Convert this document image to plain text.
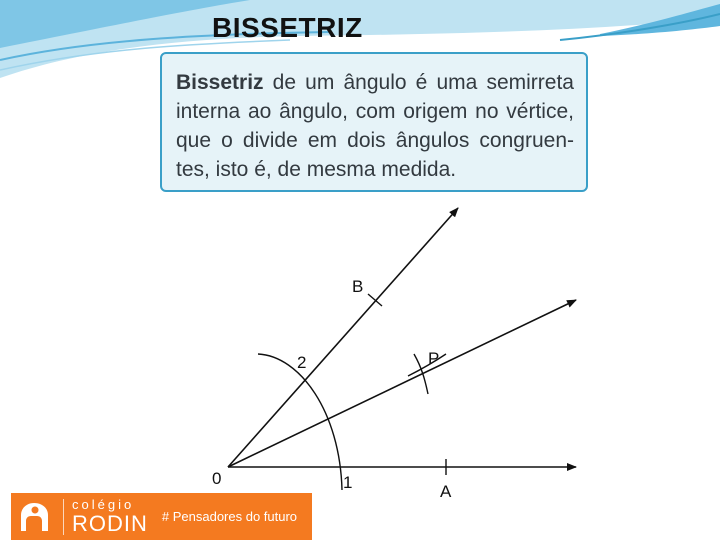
BISSETRIZ

Bissetriz de um ângulo é uma semirreta interna ao ângulo, com origem no vértice, que o divide em dois ângulos congruen-tes, isto é, de mesma medida.

B
P
2
0	1	A
colégio
RODIN # Pensadores do futuro
